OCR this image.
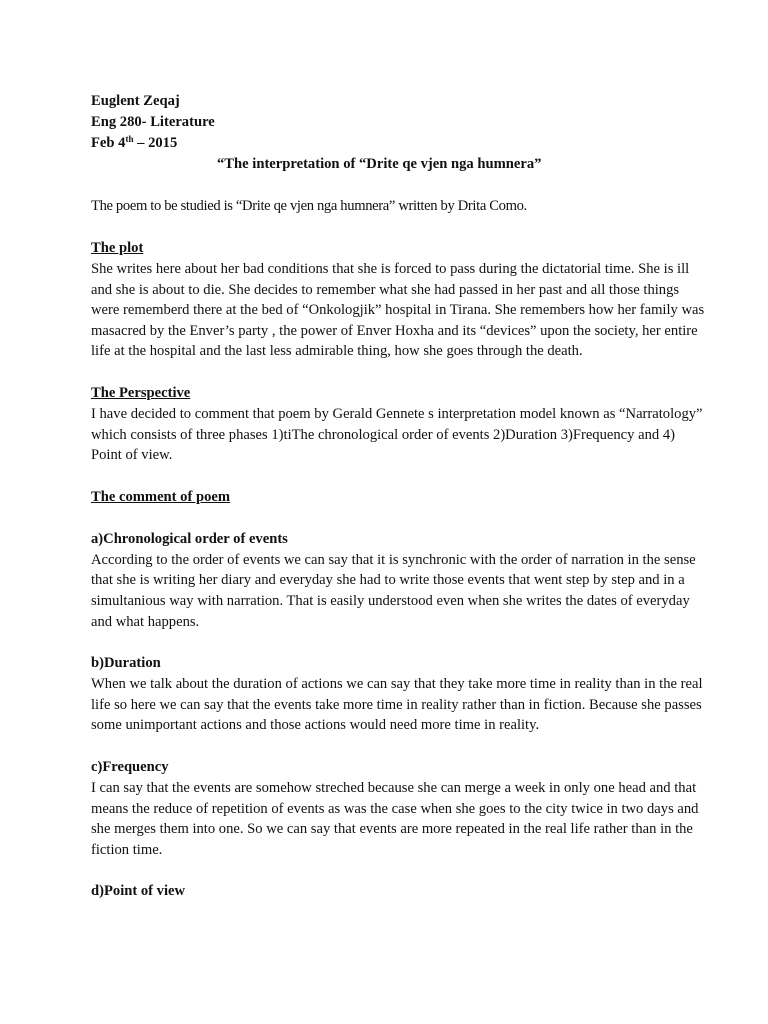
Euglent Zeqaj
Eng 280- Literature
Feb 4th – 2015
“The interpretation of “Drite qe vjen nga humnera”
The poem to be studied is “Drite qe vjen nga humnera” written by Drita Como.
The plot

She writes here about her bad conditions that she is forced to pass during the dictatorial time. She is ill and she is about to die. She decides to remember what she had passed in her past and all those things were rememberd there at the bed of “Onkologjik” hospital in Tirana. She remembers how her family was masacred by the Enver’s party , the power of Enver Hoxha and its “devices” upon the society, her entire life at the hospital and the last less admirable thing, how she goes through the death.

The Perspective

I have decided to comment that poem by Gerald Gennete s interpretation model known as “Narratology” which consists of three phases 1)tiThe chronological order of events 2)Duration 3)Frequency and 4) Point of view.

The comment of poem
a)Chronological order of events

According to the order of events we can say that it is synchronic with the order of narration in the sense that she is writing her diary and everyday she had to write those events that went step by step and in a simultanious way with narration. That is easily understood even when she writes the dates of everyday and what happens.

b)Duration

When we talk about the duration of actions we can say that they take more time in reality than in the real life so here we can say that the events take more time in reality rather than in fiction. Because she passes some unimportant actions and those actions would need more time in reality.

c)Frequency

I can say that the events are somehow streched because she can merge a week in only one head and that means the reduce of repetition of events as was the case when she goes to the city twice in two days and she merges them into one. So we can say that events are more repeated in the real life rather than in the fiction time.

d)Point of view
